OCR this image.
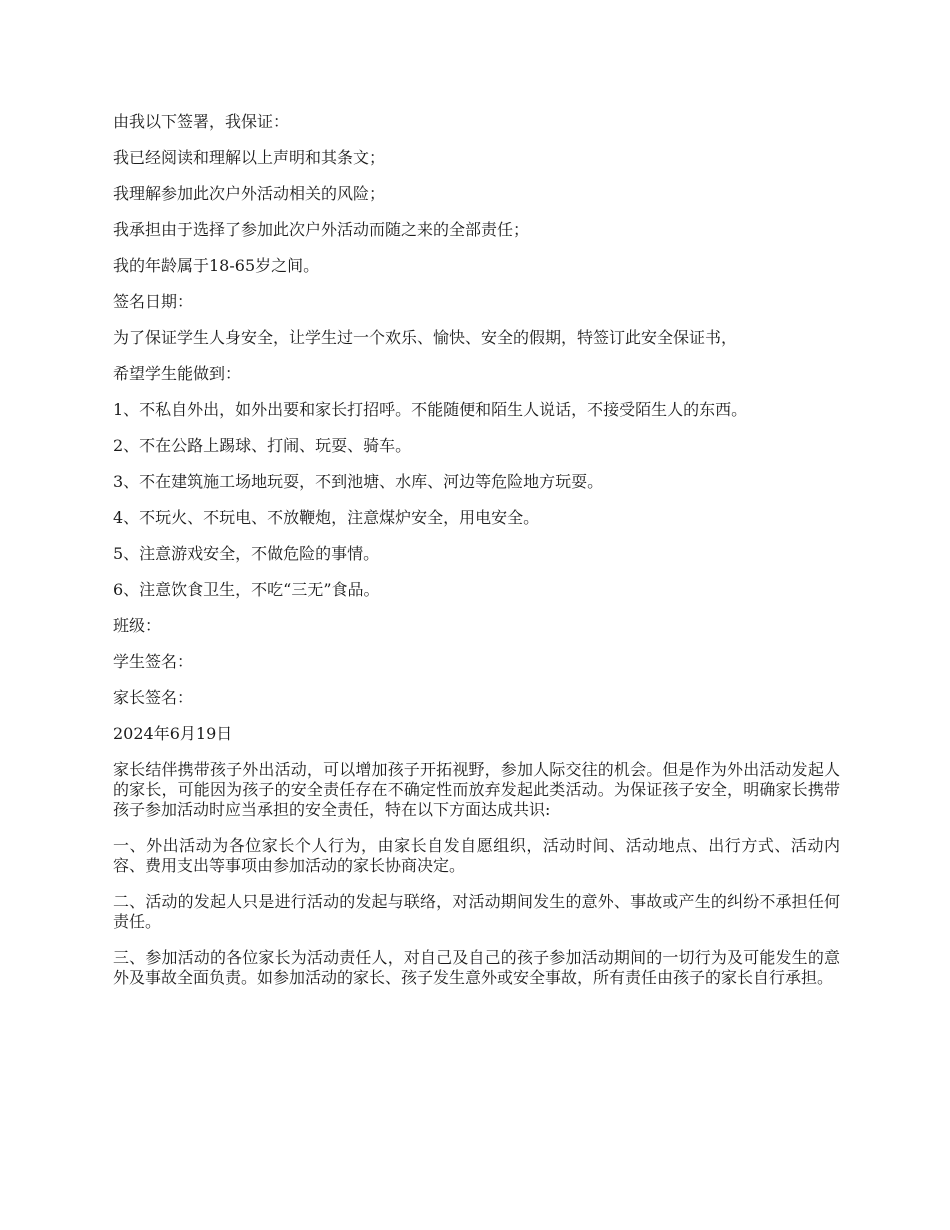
由我以下签署，我保证：

我已经阅读和理解以上声明和其条文；

我理解参加此次户外活动相关的风险；

我承担由于选择了参加此次户外活动而随之来的全部责任；

我的年龄属于18-65岁之间。

签名日期：

为了保证学生人身安全，让学生过一个欢乐、愉快、安全的假期，特签订此安全保证书，

希望学生能做到：

1、不私自外出，如外出要和家长打招呼。不能随便和陌生人说话，不接受陌生人的东西。

2、不在公路上踢球、打闹、玩耍、骑车。

3、不在建筑施工场地玩耍，不到池塘、水库、河边等危险地方玩耍。

4、不玩火、不玩电、不放鞭炮，注意煤炉安全，用电安全。

5、注意游戏安全，不做危险的事情。

6、注意饮食卫生，不吃“三无”食品。

班级：

学生签名：

家长签名：

2024年6月19日

家长结伴携带孩子外出活动，可以增加孩子开拓视野，参加人际交往的机会。但是作为外出活动发起人的家长，可能因为孩子的安全责任存在不确定性而放弃发起此类活动。为保证孩子安全，明确家长携带孩子参加活动时应当承担的安全责任，特在以下方面达成共识:

一、外出活动为各位家长个人行为，由家长自发自愿组织，活动时间、活动地点、出行方式、活动内容、费用支出等事项由参加活动的家长协商决定。

二、活动的发起人只是进行活动的发起与联络，对活动期间发生的意外、事故或产生的纠纷不承担任何责任。

三、参加活动的各位家长为活动责任人，对自己及自己的孩子参加活动期间的一切行为及可能发生的意外及事故全面负责。如参加活动的家长、孩子发生意外或安全事故，所有责任由孩子的家长自行承担。
